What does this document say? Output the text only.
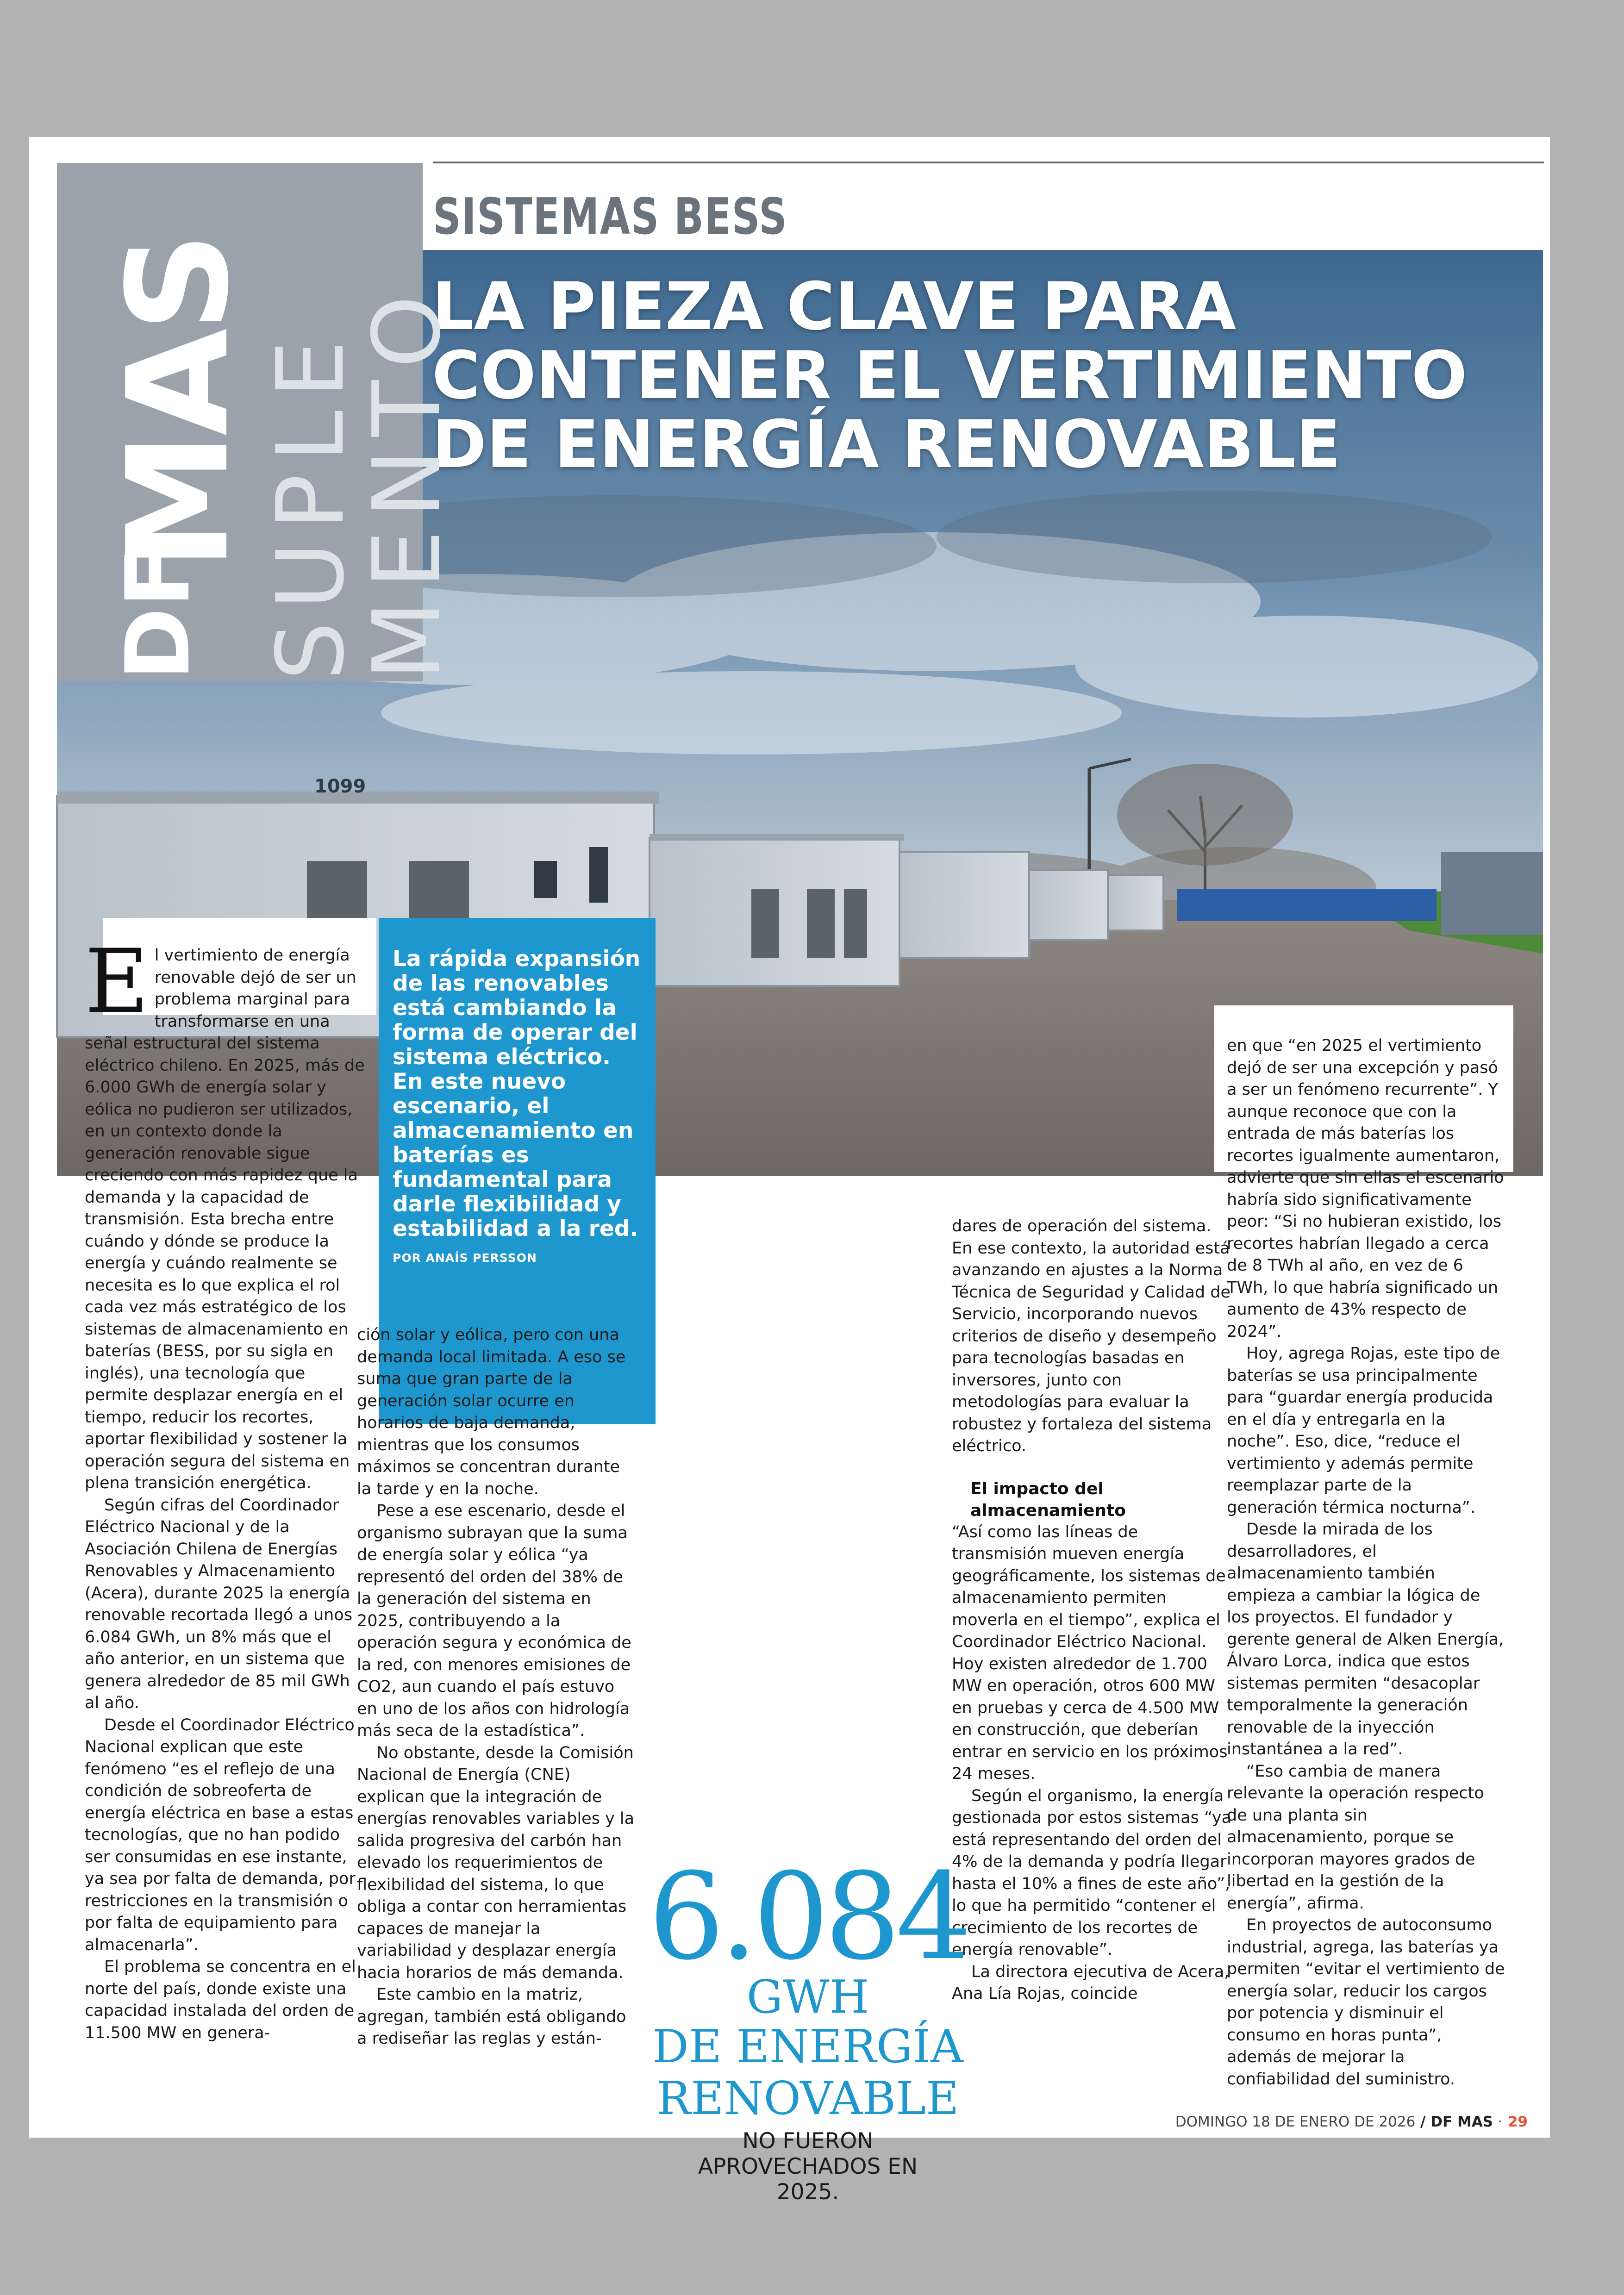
SISTEMAS BESS
1099
LA PIEZA CLAVE PARA
CONTENER EL VERTIMIENTO
DE ENERGÍA RENOVABLE
DF
MAS
SUPLE
MENTO
La rápida expansión de las renovables está cambiando la forma de operar del sistema eléctrico. En este nuevo escenario, el almacenamiento en baterías es fundamental para darle flexibilidad y estabilidad a la red.
POR ANAÍS PERSSON

El vertimiento de energía renovable dejó de ser un problema marginal para transformarse en una señal estructural del sistema eléctrico chileno. En 2025, más de 6.000 GWh de energía solar y eólica no pudieron ser utilizados, en un contexto donde la generación renovable sigue creciendo con más rapidez que la demanda y la capacidad de transmisión. Esta brecha entre cuándo y dónde se produce la energía y cuándo realmente se necesita es lo que explica el rol cada vez más estratégico de los sistemas de almacenamiento en baterías (BESS, por su sigla en inglés), una tecnología que permite desplazar energía en el tiempo, reducir los recortes, aportar flexibilidad y sostener la operación segura del sistema en plena transición energética.

Según cifras del Coordinador Eléctrico Nacional y de la Asociación Chilena de Energías Renovables y Almacenamiento (Acera), durante 2025 la energía renovable recortada llegó a unos 6.084 GWh, un 8% más que el año anterior, en un sistema que genera alrededor de 85 mil GWh al año.

Desde el Coordinador Eléctrico Nacional explican que este fenómeno “es el reflejo de una condición de sobreoferta de energía eléctrica en base a estas tecnologías, que no han podido ser consumidas en ese instante, ya sea por falta de demanda, por restricciones en la transmisión o por falta de equipamiento para almacenarla”.

El problema se concentra en el norte del país, donde existe una capacidad instalada del orden de 11.500 MW en genera-

ción solar y eólica, pero con una demanda local limitada. A eso se suma que gran parte de la generación solar ocurre en horarios de baja demanda, mientras que los consumos máximos se concentran durante la tarde y en la noche.

Pese a ese escenario, desde el organismo subrayan que la suma de energía solar y eólica “ya representó del orden del 38% de la generación del sistema en 2025, contribuyendo a la operación segura y económica de la red, con menores emisiones de CO2, aun cuando el país estuvo en uno de los años con hidrología más seca de la estadística”.

No obstante, desde la Comisión Nacional de Energía (CNE) explican que la integración de energías renovables variables y la salida progresiva del carbón han elevado los requerimientos de flexibilidad del sistema, lo que obliga a contar con herramientas capaces de manejar la variabilidad y desplazar energía hacia horarios de más demanda.

Este cambio en la matriz, agregan, también está obligando a rediseñar las reglas y están-

dares de operación del sistema. En ese contexto, la autoridad está avanzando en ajustes a la Norma Técnica de Seguridad y Calidad de Servicio, incorporando nuevos criterios de diseño y desempeño para tecnologías basadas en inversores, junto con metodologías para evaluar la robustez y fortaleza del sistema eléctrico.

El impacto del almacenamiento

“Así como las líneas de transmisión mueven energía geográficamente, los sistemas de almacenamiento permiten moverla en el tiempo”, explica el Coordinador Eléctrico Nacional. Hoy existen alrededor de 1.700 MW en operación, otros 600 MW en pruebas y cerca de 4.500 MW en construcción, que deberían entrar en servicio en los próximos 24 meses.

Según el organismo, la energía gestionada por estos sistemas “ya está representando del orden del 4% de la demanda y podría llegar hasta el 10% a fines de este año”, lo que ha permitido “contener el crecimiento de los recortes de energía renovable”.

La directora ejecutiva de Acera, Ana Lía Rojas, coincide

en que “en 2025 el vertimiento dejó de ser una excepción y pasó a ser un fenómeno recurrente”. Y aunque reconoce que con la entrada de más baterías los recortes igualmente aumentaron, advierte que sin ellas el escenario habría sido significativamente peor: “Si no hubieran existido, los recortes habrían llegado a cerca de 8 TWh al año, en vez de 6 TWh, lo que habría significado un aumento de 43% respecto de 2024”.

Hoy, agrega Rojas, este tipo de baterías se usa principalmente para “guardar energía producida en el día y entregarla en la noche”. Eso, dice, “reduce el vertimiento y además permite reemplazar parte de la generación térmica nocturna”.

Desde la mirada de los desarrolladores, el almacenamiento también empieza a cambiar la lógica de los proyectos. El fundador y gerente general de Alken Energía, Álvaro Lorca, indica que estos sistemas permiten “desacoplar temporalmente la generación renovable de la inyección instantánea a la red”.

“Eso cambia de manera relevante la operación respecto de una planta sin almacenamiento, porque se incorporan mayores grados de libertad en la gestión de la energía”, afirma.

En proyectos de autoconsumo industrial, agrega, las baterías ya permiten “evitar el vertimiento de energía solar, reducir los cargos por potencia y disminuir el consumo en horas punta”, además de mejorar la confiabilidad del suministro.

6.084
GWH
DE ENERGÍA
RENOVABLE
NO FUERON
APROVECHADOS EN
2025.
DOMINGO 18 DE ENERO DE 2026 / DF MAS · 29
